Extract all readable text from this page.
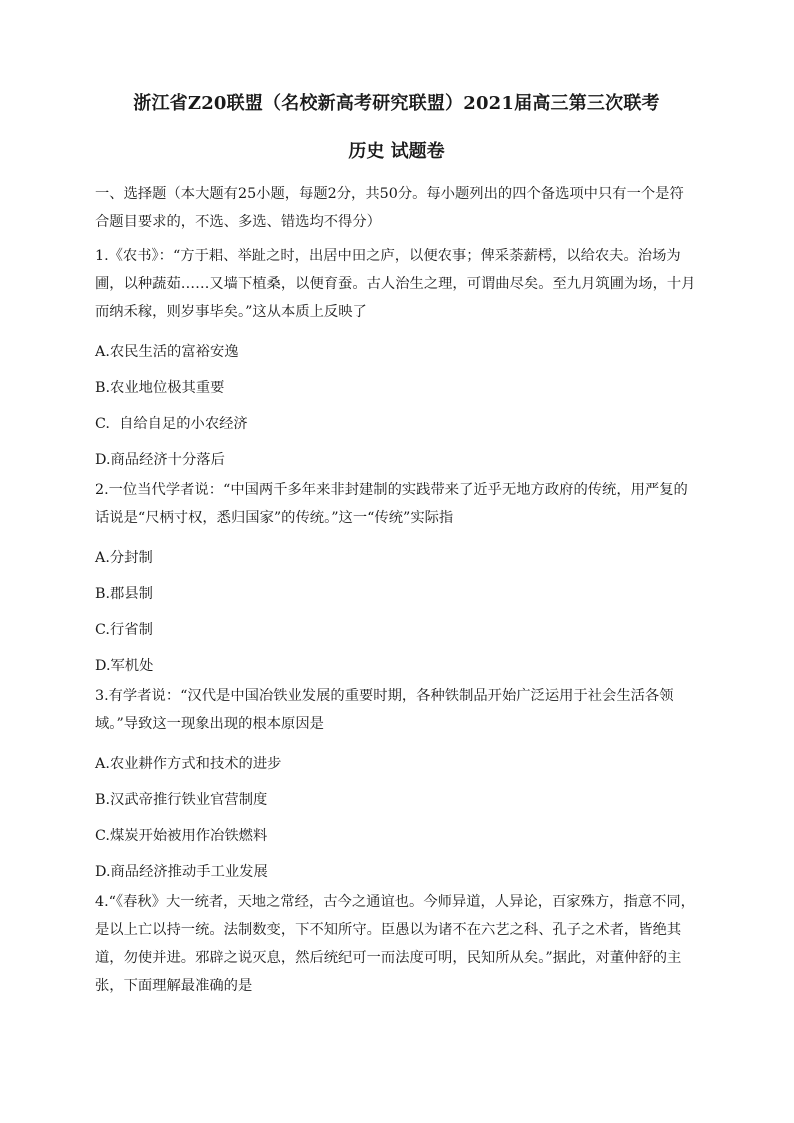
浙江省Z20联盟（名校新高考研究联盟）2021届高三第三次联考
历史 试题卷

一、选择题（本大题有25小题，每题2分，共50分。每小题列出的四个备选项中只有一个是符合题目要求的，不选、多选、错选均不得分）

1.《农书》：“方于耜、举趾之时，出居中田之庐，以便农事；俾采荼薪樗，以给农夫。治场为圃，以种蔬茹……又墙下植桑，以便育蚕。古人治生之理，可谓曲尽矣。至九月筑圃为场，十月而纳禾稼，则岁事毕矣。”这从本质上反映了

A.农民生活的富裕安逸

B.农业地位极其重要

C.  自给自足的小农经济

D.商品经济十分落后

2.一位当代学者说：“中国两千多年来非封建制的实践带来了近乎无地方政府的传统，用严复的话说是“尺柄寸权，悉归国家”的传统。”这一“传统”实际指

A.分封制

B.郡县制

C.行省制

D.军机处

3.有学者说：“汉代是中国冶铁业发展的重要时期，各种铁制品开始广泛运用于社会生活各领域。”导致这一现象出现的根本原因是

A.农业耕作方式和技术的进步

B.汉武帝推行铁业官营制度

C.煤炭开始被用作冶铁燃料

D.商品经济推动手工业发展

4.“《春秋》大一统者，天地之常经，古今之通谊也。今师异道，人异论，百家殊方，指意不同，是以上亡以持一统。法制数变，下不知所守。臣愚以为诸不在六艺之科、孔子之术者，皆绝其道，勿使并进。邪辟之说灭息，然后统纪可一而法度可明，民知所从矣。”据此，对董仲舒的主张，下面理解最准确的是
